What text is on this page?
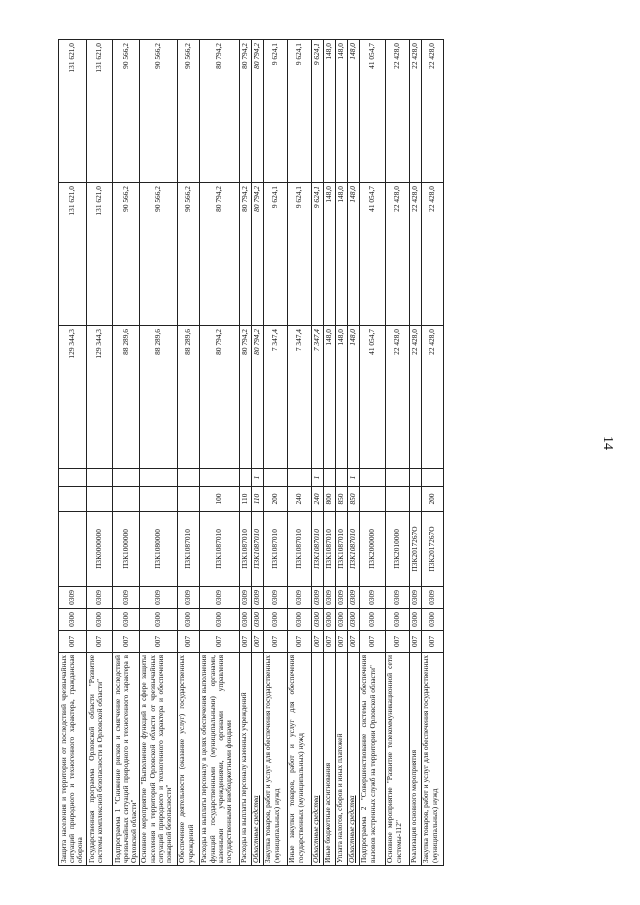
14
Защита населения и территории от последствий чрезвычайных ситуаций природного и техногенного характера, гражданская оборона	007	0300	0309				129 344,3	131 621,0	131 621,0
Государственная программа Орловской области "Развитие системы комплексной безопасности в Орловской области"	007	0300	0309	П3К0000000			129 344,3	131 621,0	131 621,0
Подпрограмма 1 "Снижение рисков и смягчение последствий чрезвычайных ситуаций природного и техногенного характера в Орловской области"	007	0300	0309	П3К1000000			88 289,6	90 566,2	90 566,2
Основное мероприятие "Выполнение функций в сфере защиты населения и территорий Орловской области от чрезвычайных ситуаций природного и техногенного характера и обеспечения пожарной безопасности"	007	0300	0309	П3К1080000			88 289,6	90 566,2	90 566,2
Обеспечение деятельности (оказание услуг) государственных учреждений	007	0300	0309	П3К1087010			88 289,6	90 566,2	90 566,2
Расходы на выплаты персоналу в целях обеспечения выполнения функций государственными (муниципальными) органами, казенными учреждениями, органами управления государственными внебюджетными фондами	007	0300	0309	П3К1087010	100		80 794,2	80 794,2	80 794,2
Расходы на выплаты персоналу казенных учреждений	007	0300	0309	П3К1087010	110		80 794,2	80 794,2	80 794,2
Областные средства	007	0300	0309	П3К1087010	110	1	80 794,2	80 794,2	80 794,2
Закупка товаров, работ и услуг для обеспечения государственных (муниципальных) нужд	007	0300	0309	П3К1087010	200		7 347,4	9 624,1	9 624,1
Иные закупки товаров, работ и услуг для обеспечения государственных (муниципальных) нужд	007	0300	0309	П3К1087010	240		7 347,4	9 624,1	9 624,1
Областные средства	007	0300	0309	П3К1087010	240	1	7 347,4	9 624,1	9 624,1
Иные бюджетные ассигнования	007	0300	0309	П3К1087010	800		148,0	148,0	148,0
Уплата налогов, сборов и иных платежей	007	0300	0309	П3К1087010	850		148,0	148,0	148,0
Областные средства	007	0300	0309	П3К1087010	850	1	148,0	148,0	148,0
Подпрограмма 2 "Совершенствование системы обеспечения вызовов экстренных служб на территории Орловской области"	007	0300	0309	П3К2000000			41 054,7	41 054,7	41 054,7
Основное мероприятие "Развитие телекоммуникационной сети системы-112"	007	0300	0309	П3К2010000			22 428,0	22 428,0	22 428,0
Реализация основного мероприятия	007	0300	0309	П3К2017267О			22 428,0	22 428,0	22 428,0
Закупка товаров, работ и услуг для обеспечения государственных (муниципальных) нужд	007	0300	0309	П3К2017267О	200		22 428,0	22 428,0	22 428,0
